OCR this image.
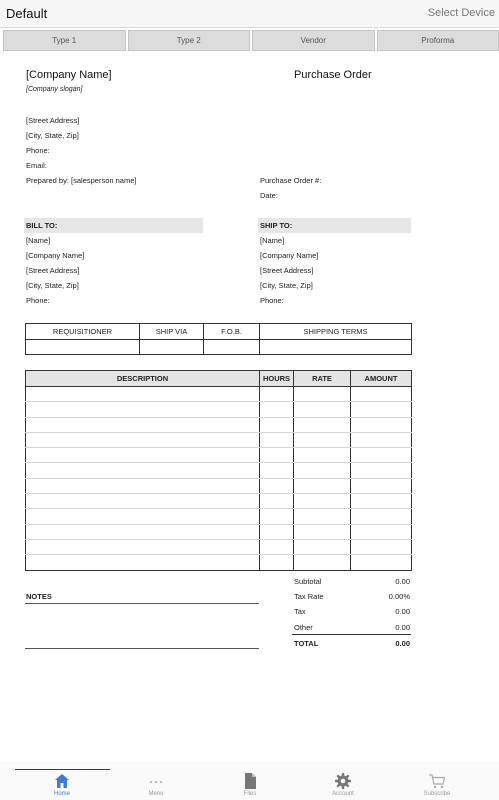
Default	Select Device
Type 1	Type 2	Vendor	Proforma
[Company Name]	Purchase Order
[Company slogan]
[Street Address]
[City, State, Zip]
Phone:
Email:
Prepared by: [salesperson name]	Purchase Order #:
Date:
BILL TO:	SHIP TO:
[Name]
[Company Name]
[Street Address]
[City, State, Zip]
Phone:
[Name]
[Company Name]
[Street Address]
[City, State, Zip]
Phone:
REQUISITIONER	SHIP VIA	F.O.B.	SHIPPING TERMS

DESCRIPTION	HOURS	RATE	AMOUNT

NOTES
Subtotal	0.00
Tax Rate	0.00%
Tax	0.00
Other	0.00
TOTAL	0.00
Home	Menu	Files	Account	Subscribe
